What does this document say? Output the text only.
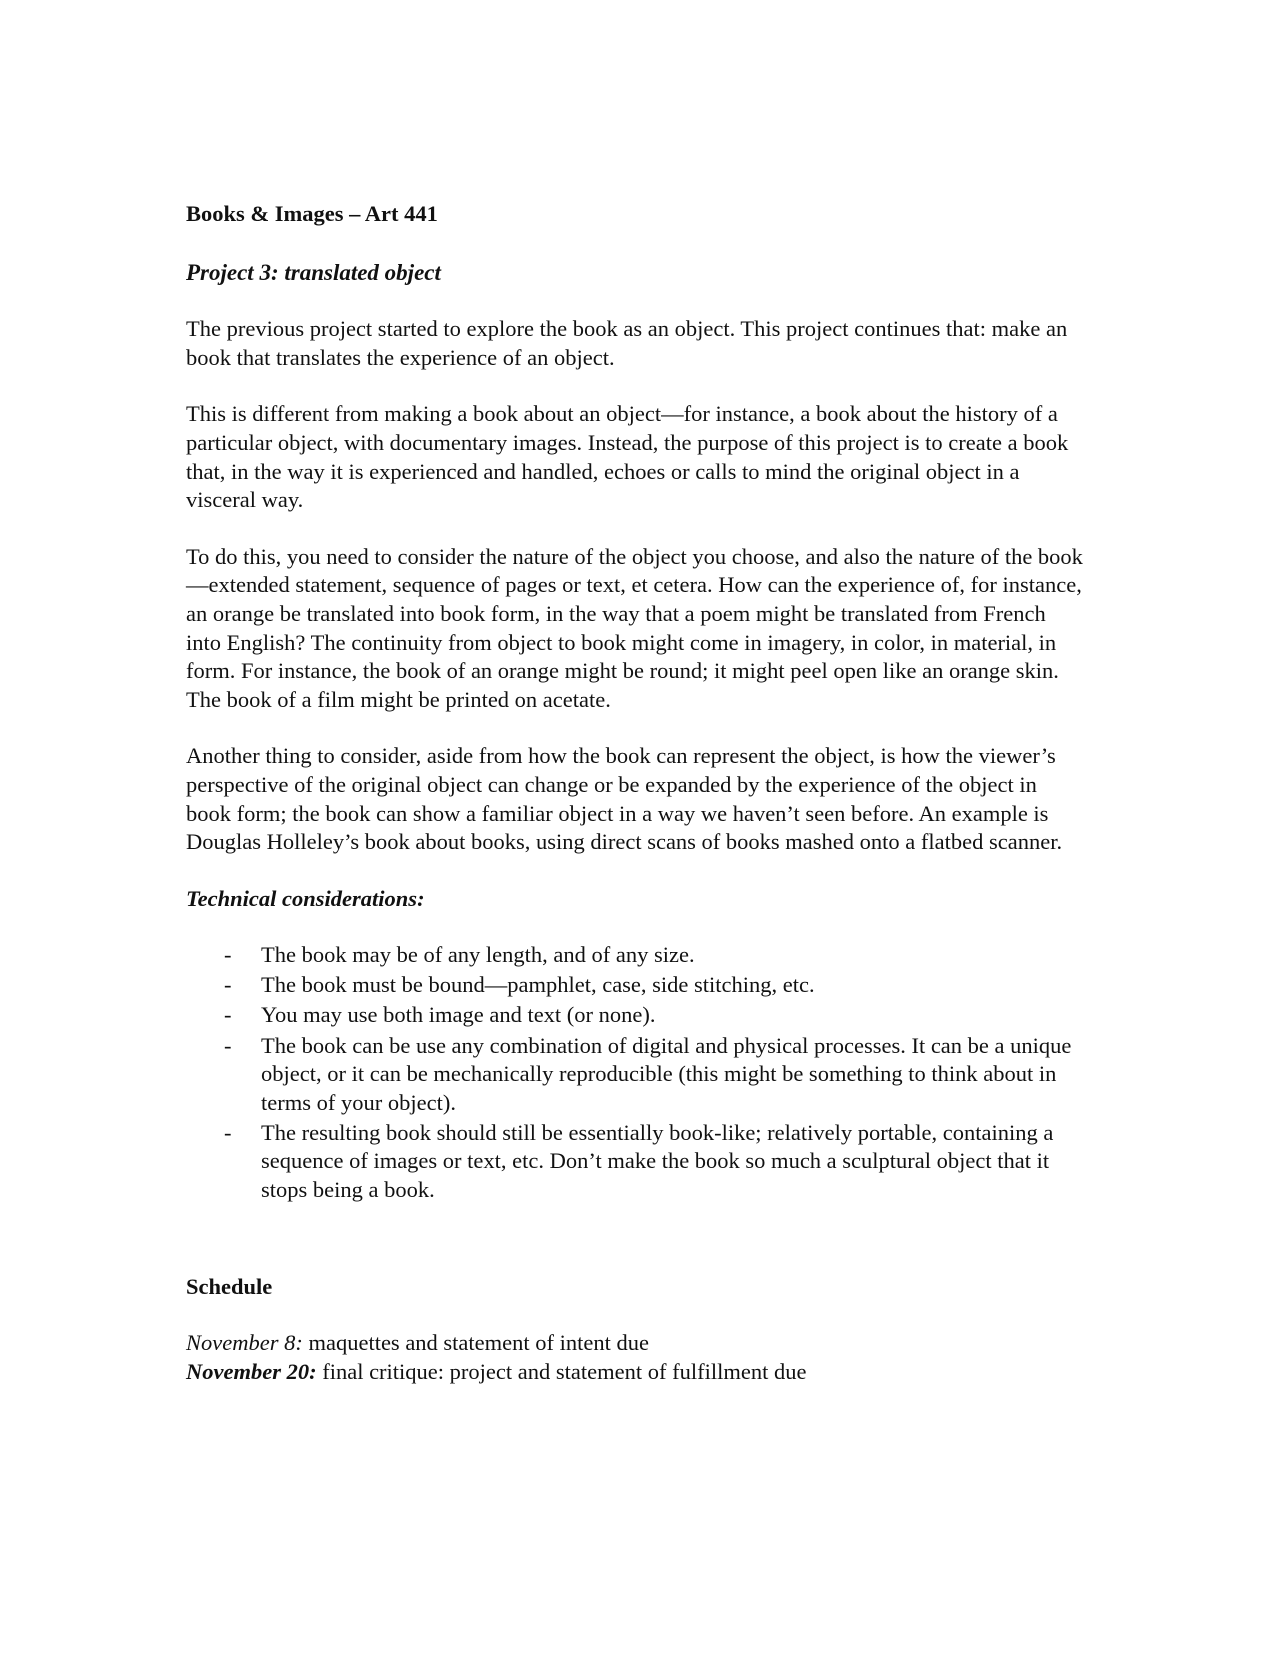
Books & Images – Art 441
Project 3: translated object

The previous project started to explore the book as an object. This project continues that: make an book that translates the experience of an object.

This is different from making a book about an object—for instance, a book about the history of a particular object, with documentary images. Instead, the purpose of this project is to create a book that, in the way it is experienced and handled, echoes or calls to mind the original object in a visceral way.

To do this, you need to consider the nature of the object you choose, and also the nature of the book—extended statement, sequence of pages or text, et cetera. How can the experience of, for instance, an orange be translated into book form, in the way that a poem might be translated from French into English? The continuity from object to book might come in imagery, in color, in material, in form. For instance, the book of an orange might be round; it might peel open like an orange skin. The book of a film might be printed on acetate.

Another thing to consider, aside from how the book can represent the object, is how the viewer’s perspective of the original object can change or be expanded by the experience of the object in book form; the book can show a familiar object in a way we haven’t seen before. An example is Douglas Holleley’s book about books, using direct scans of books mashed onto a flatbed scanner.

Technical considerations:
- The book may be of any length, and of any size.
- The book must be bound—pamphlet, case, side stitching, etc.
- You may use both image and text (or none).
- The book can be use any combination of digital and physical processes. It can be a unique object, or it can be mechanically reproducible (this might be something to think about in terms of your object).
- The resulting book should still be essentially book-like; relatively portable, containing a sequence of images or text, etc. Don’t make the book so much a sculptural object that it stops being a book.
Schedule
November 8: maquettes and statement of intent due
November 20: final critique: project and statement of fulfillment due
